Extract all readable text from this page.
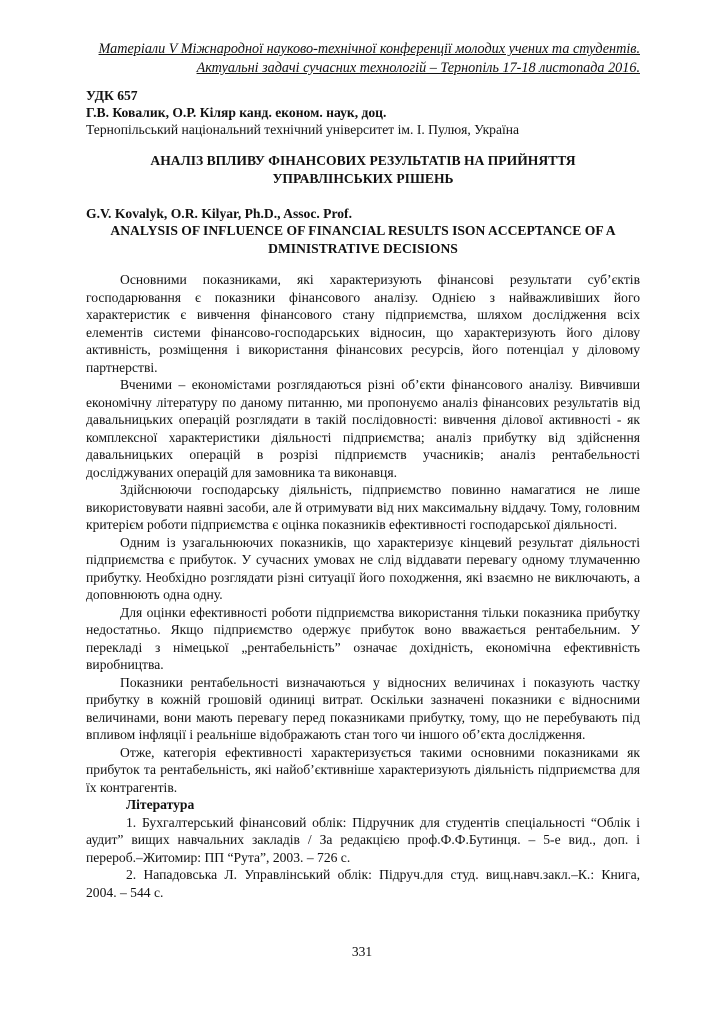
Матеріали V Міжнародної науково-технічної конференції молодих учених та студентів.
Актуальні задачі сучасних технологій – Тернопіль 17-18 листопада 2016.
УДК 657
Г.В. Ковалик, О.Р. Кіляр канд. економ. наук, доц.
Тернопільський національний технічний університет ім. І. Пулюя, Україна
АНАЛІЗ ВПЛИВУ ФІНАНСОВИХ РЕЗУЛЬТАТІВ НА ПРИЙНЯТТЯ
УПРАВЛІНСЬКИХ РІШЕНЬ
G.V. Kovalyk, O.R. Kilyar, Ph.D., Assoc. Prof.
ANALYSIS OF INFLUENCE OF FINANCIAL RESULTS ISON ACCEPTANCE OF A
DMINISTRATIVE DECISIONS

Основними показниками, які характеризують фінансові результати суб’єктів господарювання є показники фінансового аналізу. Однією з найважливіших його характеристик є вивчення фінансового стану підприємства, шляхом дослідження всіх елементів системи фінансово-господарських відносин, що характеризують його ділову активність, розміщення і використання фінансових ресурсів, його потенціал у діловому партнерстві.

Вченими – економістами розглядаються різні об’єкти фінансового аналізу. Вивчивши економічну літературу по даному питанню, ми пропонуємо аналіз фінансових результатів від давальницьких операцій розглядати в такій послідовності: вивчення ділової активності - як комплексної характеристики діяльності підприємства; аналіз прибутку від здійснення давальницьких операцій в розрізі підприємств учасників; аналіз рентабельності досліджуваних операцій для замовника та виконавця.

Здійснюючи господарську діяльність, підприємство повинно намагатися не лише використовувати наявні засоби, але й отримувати від них максимальну віддачу. Тому, головним критерієм роботи підприємства є оцінка показників ефективності господарської діяльності.

Одним із узагальнюючих показників, що характеризує кінцевий результат діяльності підприємства є прибуток. У сучасних умовах не слід віддавати перевагу одному тлумаченню прибутку. Необхідно розглядати різні ситуації його походження, які взаємно не виключають, а доповнюють одна одну.

Для оцінки ефективності роботи підприємства використання тільки показника прибутку недостатньо. Якщо підприємство одержує прибуток воно вважається рентабельним. У перекладі з німецької „рентабельність” означає дохідність, економічна ефективність виробництва.

Показники рентабельності визначаються у відносних величинах і показують частку прибутку в кожній грошовій одиниці витрат. Оскільки зазначені показники є відносними величинами, вони мають перевагу перед показниками прибутку, тому, що не перебувають під впливом інфляції і реальніше відображають стан того чи іншого об’єкта дослідження.

Отже, категорія ефективності характеризується такими основними показниками як прибуток та рентабельність, які найоб’єктивніше характеризують діяльність підприємства для їх контрагентів.

Література

1. Бухгалтерський фінансовий облік: Підручник для студентів спеціальності “Облік і аудит” вищих навчальних закладів / За редакцією проф.Ф.Ф.Бутинця. – 5-е вид., доп. і перероб.–Житомир: ПП “Рута”, 2003. – 726 с.

2. Нападовська Л. Управлінський облік: Підруч.для студ. вищ.навч.закл.–К.: Книга, 2004. – 544 с.

331
